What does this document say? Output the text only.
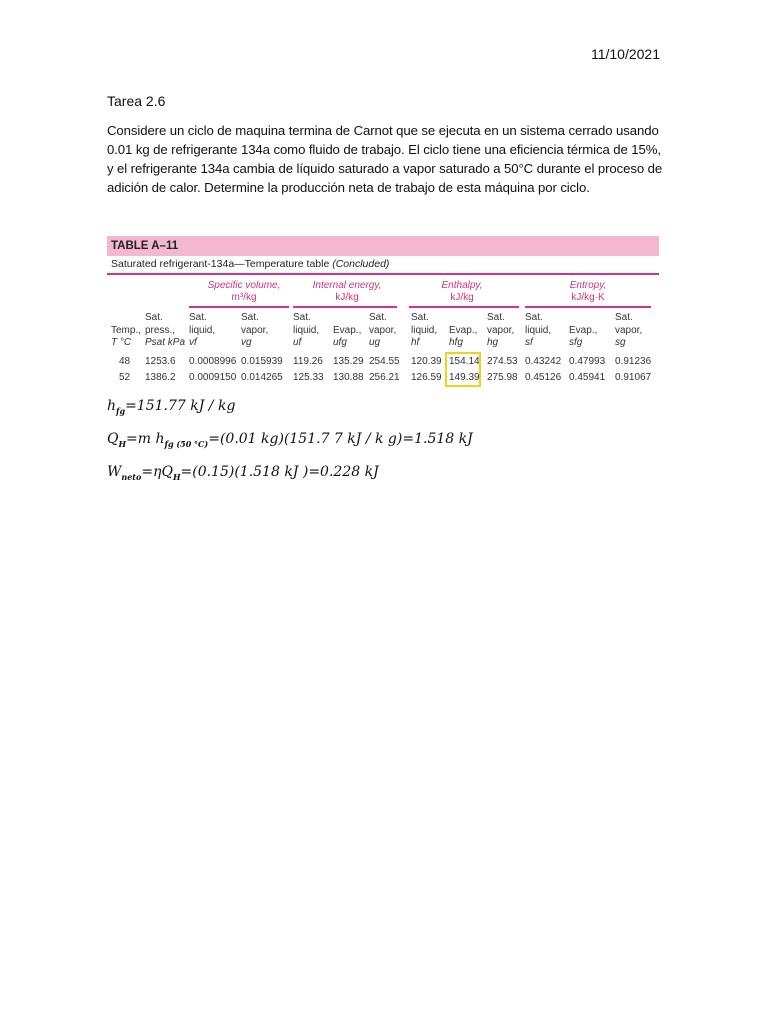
11/10/2021
Tarea 2.6
Considere un ciclo de maquina termina de Carnot que se ejecuta en un sistema cerrado usando 0.01 kg de refrigerante 134a como fluido de trabajo. El ciclo tiene una eficiencia térmica de 15%, y el refrigerante 134a cambia de líquido saturado a vapor saturado a 50°C durante el proceso de adición de calor. Determine la producción neta de trabajo de esta máquina por ciclo.
TABLE A–11
Saturated refrigerant-134a—Temperature table (Concluded)
Specific volume,
m³/kg
Internal energy,
kJ/kg
Enthalpy,
kJ/kg
Entropy,
kJ/kg·K

Temp.,
T °C
Sat.
press.,
Psat kPa
Sat.
liquid,
vf
Sat.
vapor,
vg
Sat.
liquid,
uf

Evap.,
ufg
Sat.
vapor,
ug
Sat.
liquid,
hf

Evap.,
hfg
Sat.
vapor,
hg
Sat.
liquid,
sf

Evap.,
sfg
Sat.
vapor,
sg
48 1253.6 0.0008996 0.015939 119.26 135.29 254.55 120.39 154.14 274.53 0.43242 0.47993 0.91236
52 1386.2 0.0009150 0.014265 125.33 130.88 256.21 126.59 149.39 275.98 0.45126 0.45941 0.91067
$h_{fg}=151.77$ kJ / kg
$Q_H=m$ $h_{fg (50 ^\circ C)}=(0.01$ kg)(151.7 7 kJ / k g)=1.518 kJ
$W_{neto}=\eta Q_H=(0.15)(1.518$ kJ )=0.228 kJ
